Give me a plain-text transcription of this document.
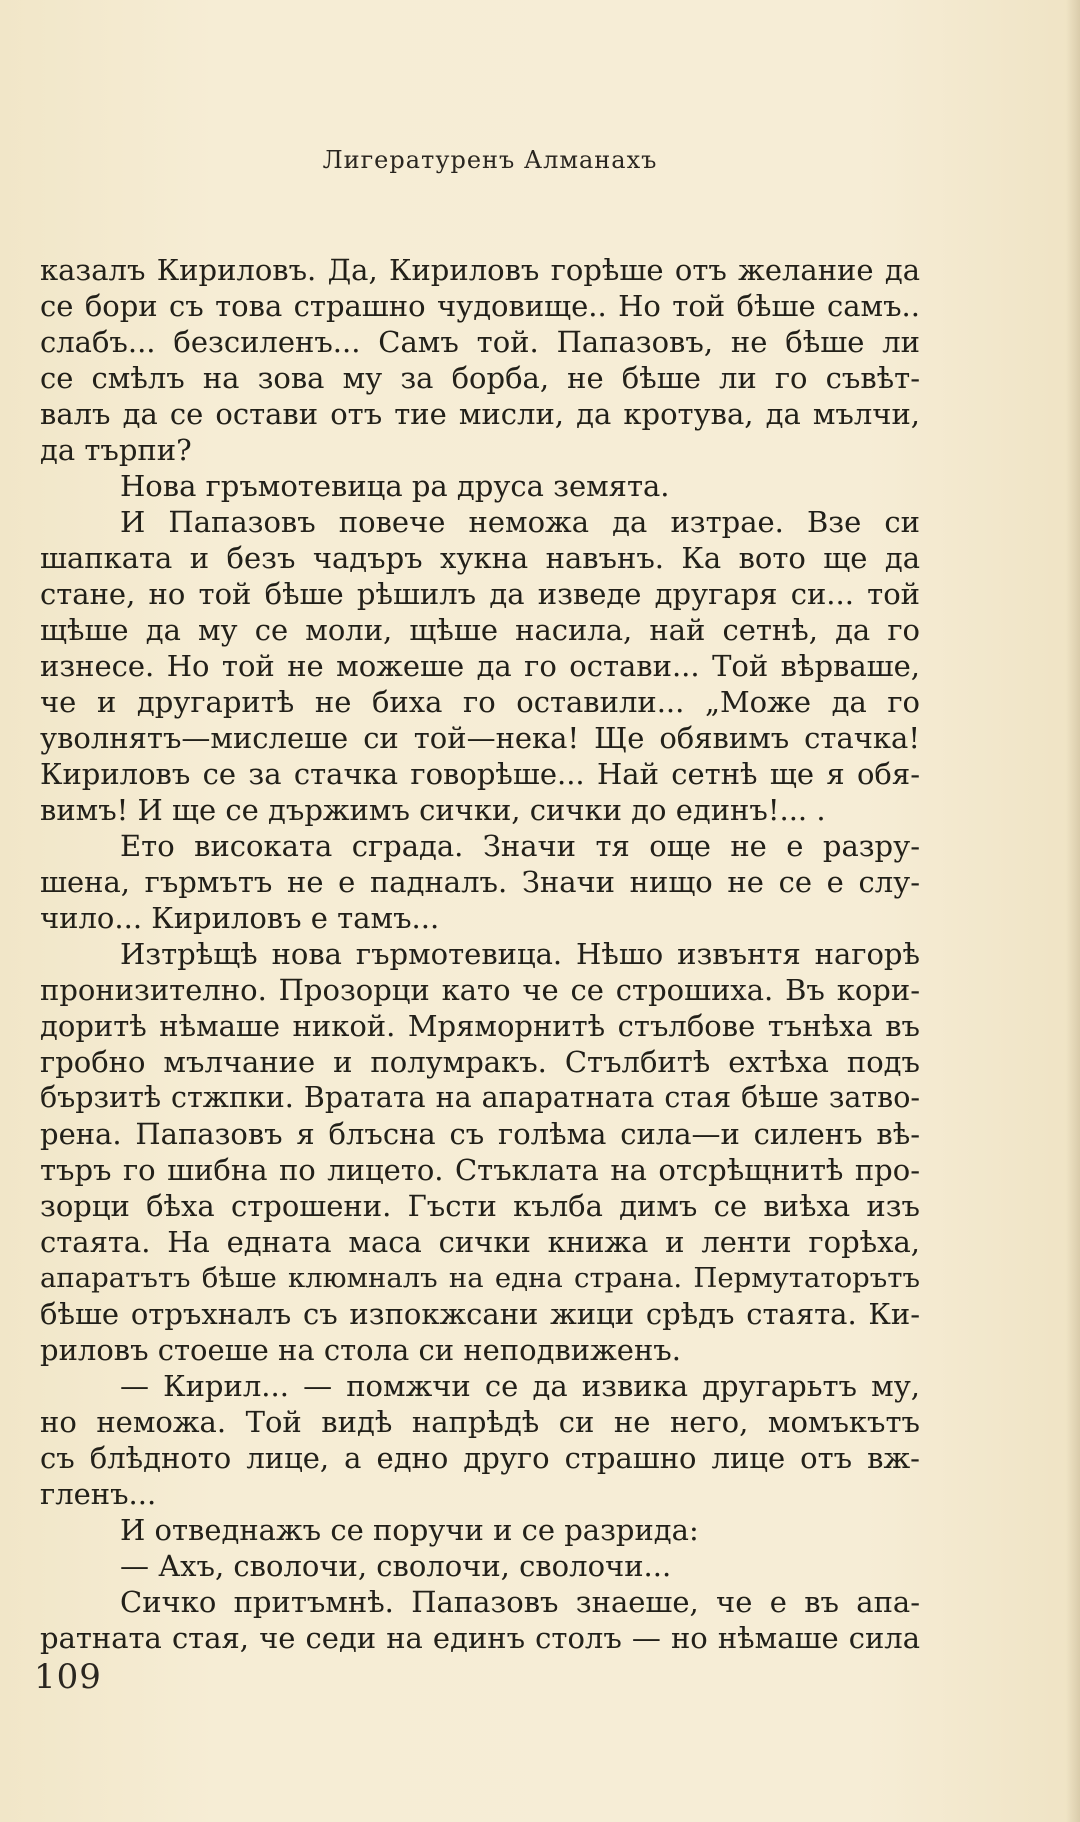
Лигературенъ Алманахъ
казалъ Кириловъ. Да, Кириловъ горѣше отъ желание да
се бори съ това страшно чудовище.. Но той бѣше самъ..
слабъ... безсиленъ... Самъ той. Папазовъ, не бѣше ли
се смѣлъ на зова му за борба, не бѣше ли го съвѣт-
валъ да се остави отъ тие мисли, да кротува, да мълчи,
да търпи?
Нова гръмотевица ра друса земята.
И Папазовъ повече неможа да изтрае. Взе си
шапката и безъ чадъръ хукна навънъ. Ка вото ще да
стане, но той бѣше рѣшилъ да изведе другаря си... той
щѣше да му се моли, щѣше насила, най сетнѣ, да го
изнесе. Но той не можеше да го остави... Той вѣрваше,
че и другаритѣ не биха го оставили... „Може да го
уволнятъ—мислеше си той—нека! Ще обявимъ стачка!
Кириловъ се за стачка говорѣше... Най сетнѣ ще я обя-
вимъ! И ще се държимъ сички, сички до единъ!... .
Ето високата сграда. Значи тя още не е разру-
шена, гърмътъ не е падналъ. Значи нищо не се е слу-
чило... Кириловъ е тамъ...
Изтрѣщѣ нова гърмотевица. Нѣшо извънтя нагорѣ
пронизително. Прозорци като че се строшиха. Въ кори-
доритѣ нѣмаше никой. Мряморнитѣ стълбове тънѣха въ
гробно мълчание и полумракъ. Стълбитѣ ехтѣха подъ
бързитѣ стжпки. Вратата на апаратната стая бѣше затво-
рена. Папазовъ я блъсна съ голѣма сила—и силенъ вѣ-
търъ го шибна по лицето. Стъклата на отсрѣщнитѣ про-
зорци бѣха строшени. Гъсти кълба димъ се виѣха изъ
стаята. На едната маса сички книжа и ленти горѣха,
апаратътъ бѣше клюмналъ на една страна. Пермутаторътъ
бѣше отръхналъ съ изпокжсани жици срѣдъ стаята. Ки-
риловъ стоеше на стола си неподвиженъ.
— Кирил... — помжчи се да извика другарьтъ му,
но неможа. Той видѣ напрѣдѣ си не него, момъкътъ
съ блѣдното лице, а едно друго страшно лице отъ вж-
гленъ...
И отведнажъ се поручи и се разрида:
— Ахъ, сволочи, сволочи, сволочи...
Сичко притъмнѣ. Папазовъ знаеше, че е въ апа-
ратната стая, че седи на единъ столъ — но нѣмаше сила
109
